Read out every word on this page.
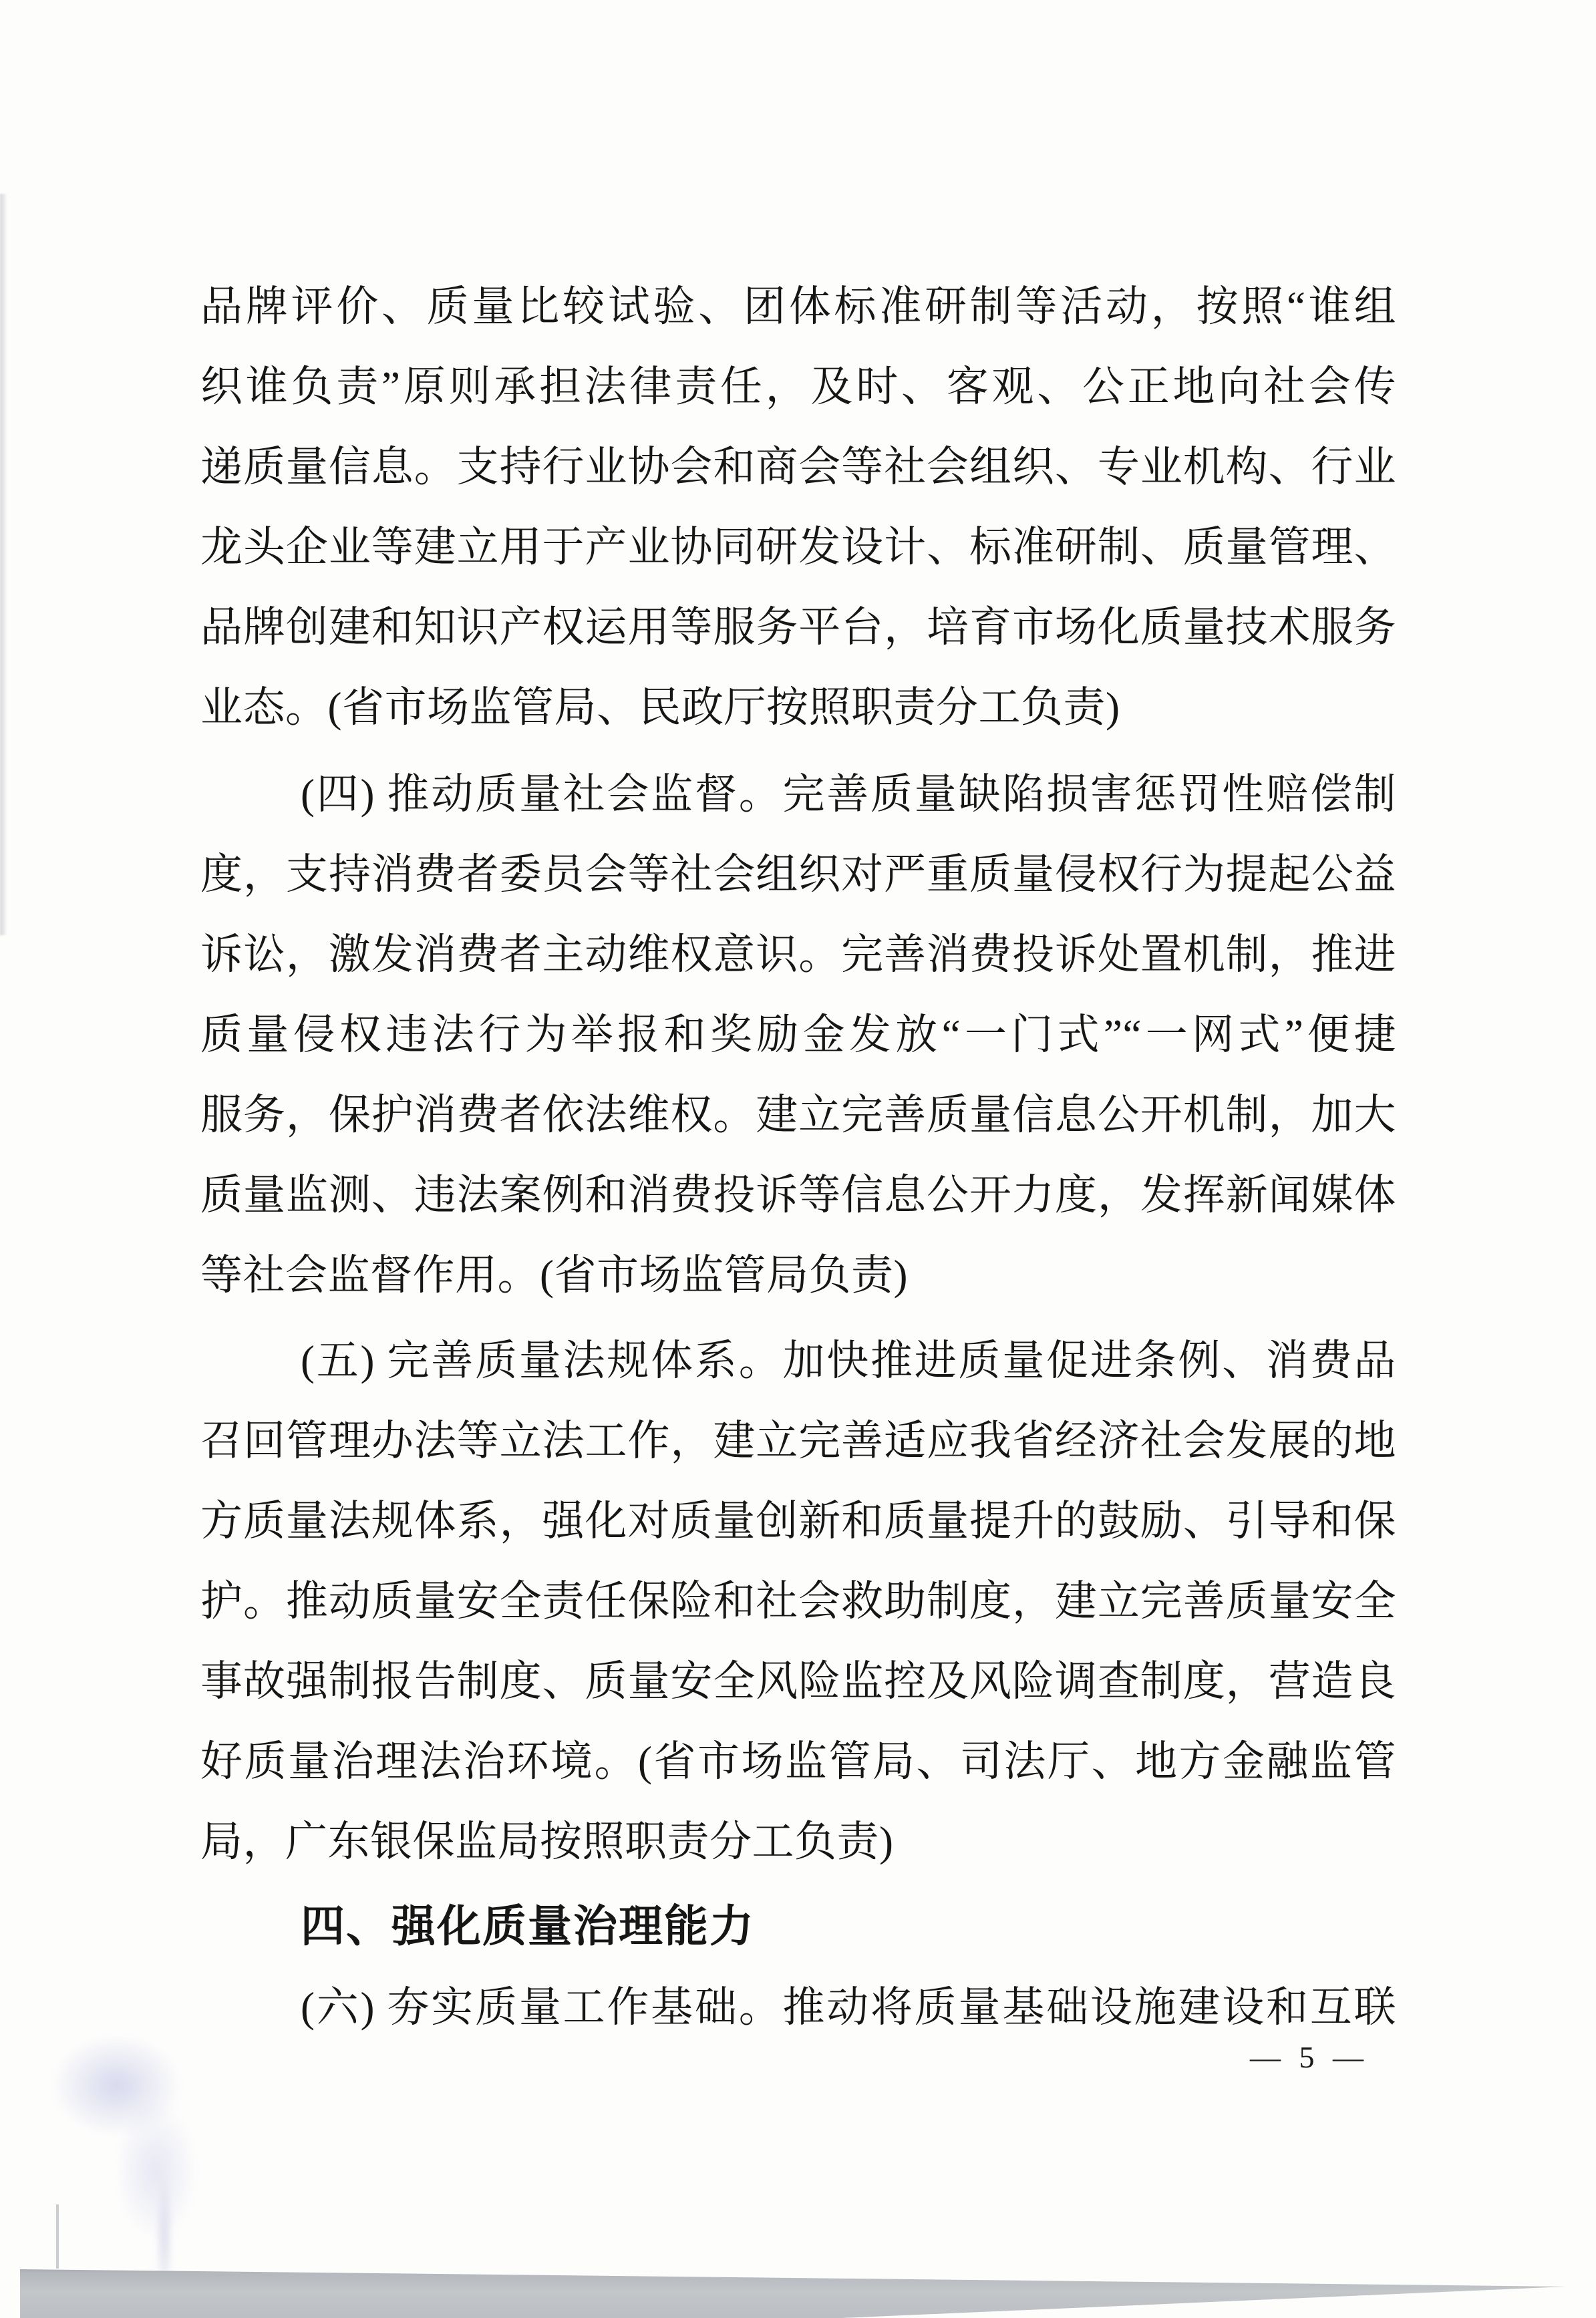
品牌评价、质量比较试验、团体标准研制等活动，按照“谁组
织谁负责”原则承担法律责任，及时、客观、公正地向社会传
递质量信息。支持行业协会和商会等社会组织、专业机构、行业
龙头企业等建立用于产业协同研发设计、标准研制、质量管理、
品牌创建和知识产权运用等服务平台，培育市场化质量技术服务
业态。(省市场监管局、民政厅按照职责分工负责)
(四) 推动质量社会监督。完善质量缺陷损害惩罚性赔偿制
度，支持消费者委员会等社会组织对严重质量侵权行为提起公益
诉讼，激发消费者主动维权意识。完善消费投诉处置机制，推进
质量侵权违法行为举报和奖励金发放“一门式”“一网式”便捷
服务，保护消费者依法维权。建立完善质量信息公开机制，加大
质量监测、违法案例和消费投诉等信息公开力度，发挥新闻媒体
等社会监督作用。(省市场监管局负责)
(五) 完善质量法规体系。加快推进质量促进条例、消费品
召回管理办法等立法工作，建立完善适应我省经济社会发展的地
方质量法规体系，强化对质量创新和质量提升的鼓励、引导和保
护。推动质量安全责任保险和社会救助制度，建立完善质量安全
事故强制报告制度、质量安全风险监控及风险调查制度，营造良
好质量治理法治环境。(省市场监管局、司法厅、地方金融监管
局，广东银保监局按照职责分工负责)
四、强化质量治理能力
(六) 夯实质量工作基础。推动将质量基础设施建设和互联
— 5 —
